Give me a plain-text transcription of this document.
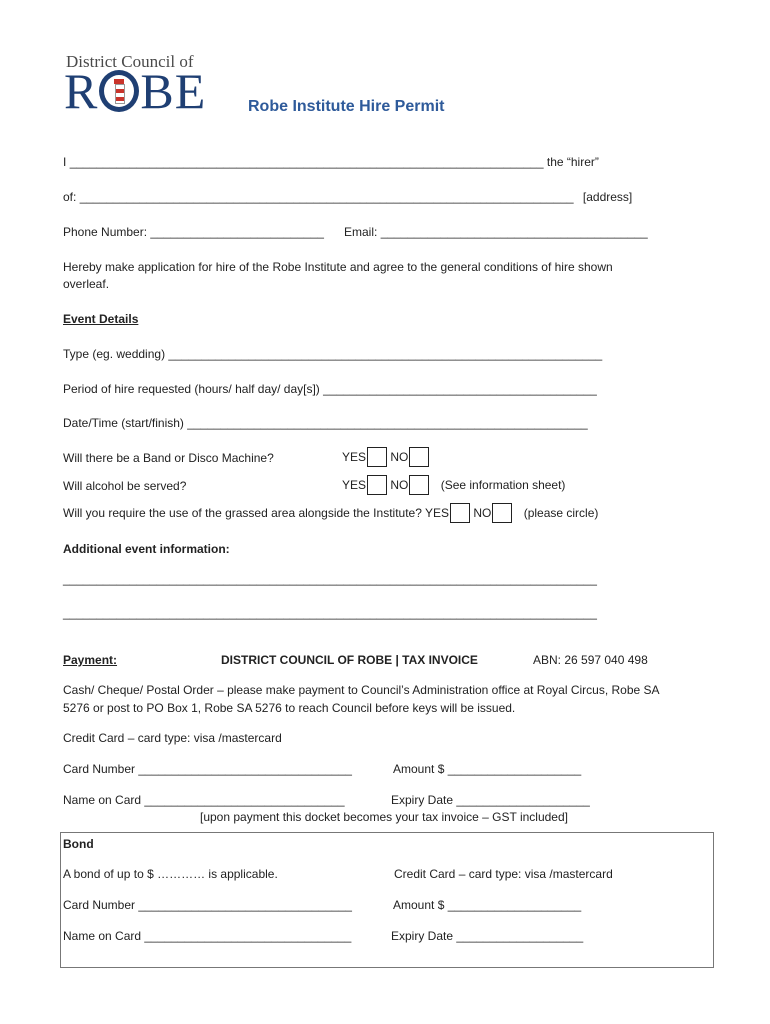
District Council of
R BE	Robe Institute Hire Permit
I _______________________________________________________________________ the “hirer”
of: __________________________________________________________________________ [address]
Phone Number: __________________________ Email: ________________________________________
Hereby make application for hire of the Robe Institute and agree to the general conditions of hire shown
overleaf.
Event Details
Type (eg. wedding) _________________________________________________________________
Period of hire requested (hours/ half day/ day[s]) _________________________________________
Date/Time (start/finish) ____________________________________________________________
Will there be a Band or Disco Machine?	YES NO
Will alcohol be served?	YES NO	(See information sheet)
Will you require the use of the grassed area alongside the Institute? YES NO	(please circle)
Additional event information:
________________________________________________________________________________
________________________________________________________________________________
Payment:	DISTRICT COUNCIL OF ROBE | TAX INVOICE	ABN: 26 597 040 498
Cash/ Cheque/ Postal Order – please make payment to Council’s Administration office at Royal Circus, Robe SA
5276 or post to PO Box 1, Robe SA 5276 to reach Council before keys will be issued.
Credit Card – card type: visa /mastercard
Card Number ________________________________	Amount $ ____________________
Name on Card ______________________________	Expiry Date ____________________
[upon payment this docket becomes your tax invoice – GST included]
Bond
A bond of up to $ ………… is applicable.	Credit Card – card type: visa /mastercard
Card Number ________________________________	Amount $ ____________________
Name on Card _______________________________	Expiry Date ___________________
